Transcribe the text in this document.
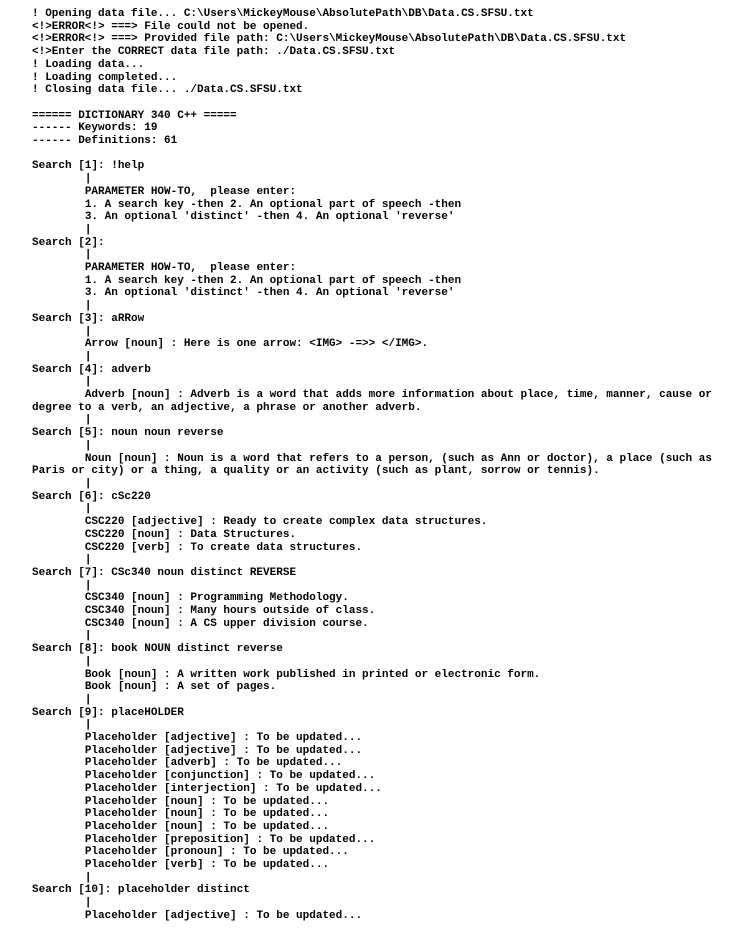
! Opening data file... C:\Users\MickeyMouse\AbsolutePath\DB\Data.CS.SFSU.txt
<!>ERROR<!> ===> File could not be opened.
<!>ERROR<!> ===> Provided file path: C:\Users\MickeyMouse\AbsolutePath\DB\Data.CS.SFSU.txt
<!>Enter the CORRECT data file path: ./Data.CS.SFSU.txt
! Loading data...
! Loading completed...
! Closing data file... ./Data.CS.SFSU.txt
====== DICTIONARY 340 C++ =====
------ Keywords: 19
------ Definitions: 61
Search [1]: !help
|
PARAMETER HOW-TO,  please enter:
1. A search key -then 2. An optional part of speech -then
3. An optional 'distinct' -then 4. An optional 'reverse'
|
Search [2]:
|
PARAMETER HOW-TO,  please enter:
1. A search key -then 2. An optional part of speech -then
3. An optional 'distinct' -then 4. An optional 'reverse'
|
Search [3]: aRRow
|
Arrow [noun] : Here is one arrow: <IMG> -=>> </IMG>.
|
Search [4]: adverb
|
Adverb [noun] : Adverb is a word that adds more information about place, time, manner, cause or degree to a verb, an adjective, a phrase or another adverb.
|
Search [5]: noun noun reverse
|
Noun [noun] : Noun is a word that refers to a person, (such as Ann or doctor), a place (such as Paris or city) or a thing, a quality or an activity (such as plant, sorrow or tennis).
|
Search [6]: cSc220
|
CSC220 [adjective] : Ready to create complex data structures.
CSC220 [noun] : Data Structures.
CSC220 [verb] : To create data structures.
|
Search [7]: CSc340 noun distinct REVERSE
|
CSC340 [noun] : Programming Methodology.
CSC340 [noun] : Many hours outside of class.
CSC340 [noun] : A CS upper division course.
|
Search [8]: book NOUN distinct reverse
|
Book [noun] : A written work published in printed or electronic form.
Book [noun] : A set of pages.
|
Search [9]: placeHOLDER
|
Placeholder [adjective] : To be updated...
Placeholder [adjective] : To be updated...
Placeholder [adverb] : To be updated...
Placeholder [conjunction] : To be updated...
Placeholder [interjection] : To be updated...
Placeholder [noun] : To be updated...
Placeholder [noun] : To be updated...
Placeholder [noun] : To be updated...
Placeholder [preposition] : To be updated...
Placeholder [pronoun] : To be updated...
Placeholder [verb] : To be updated...
|
Search [10]: placeholder distinct
|
Placeholder [adjective] : To be updated...
